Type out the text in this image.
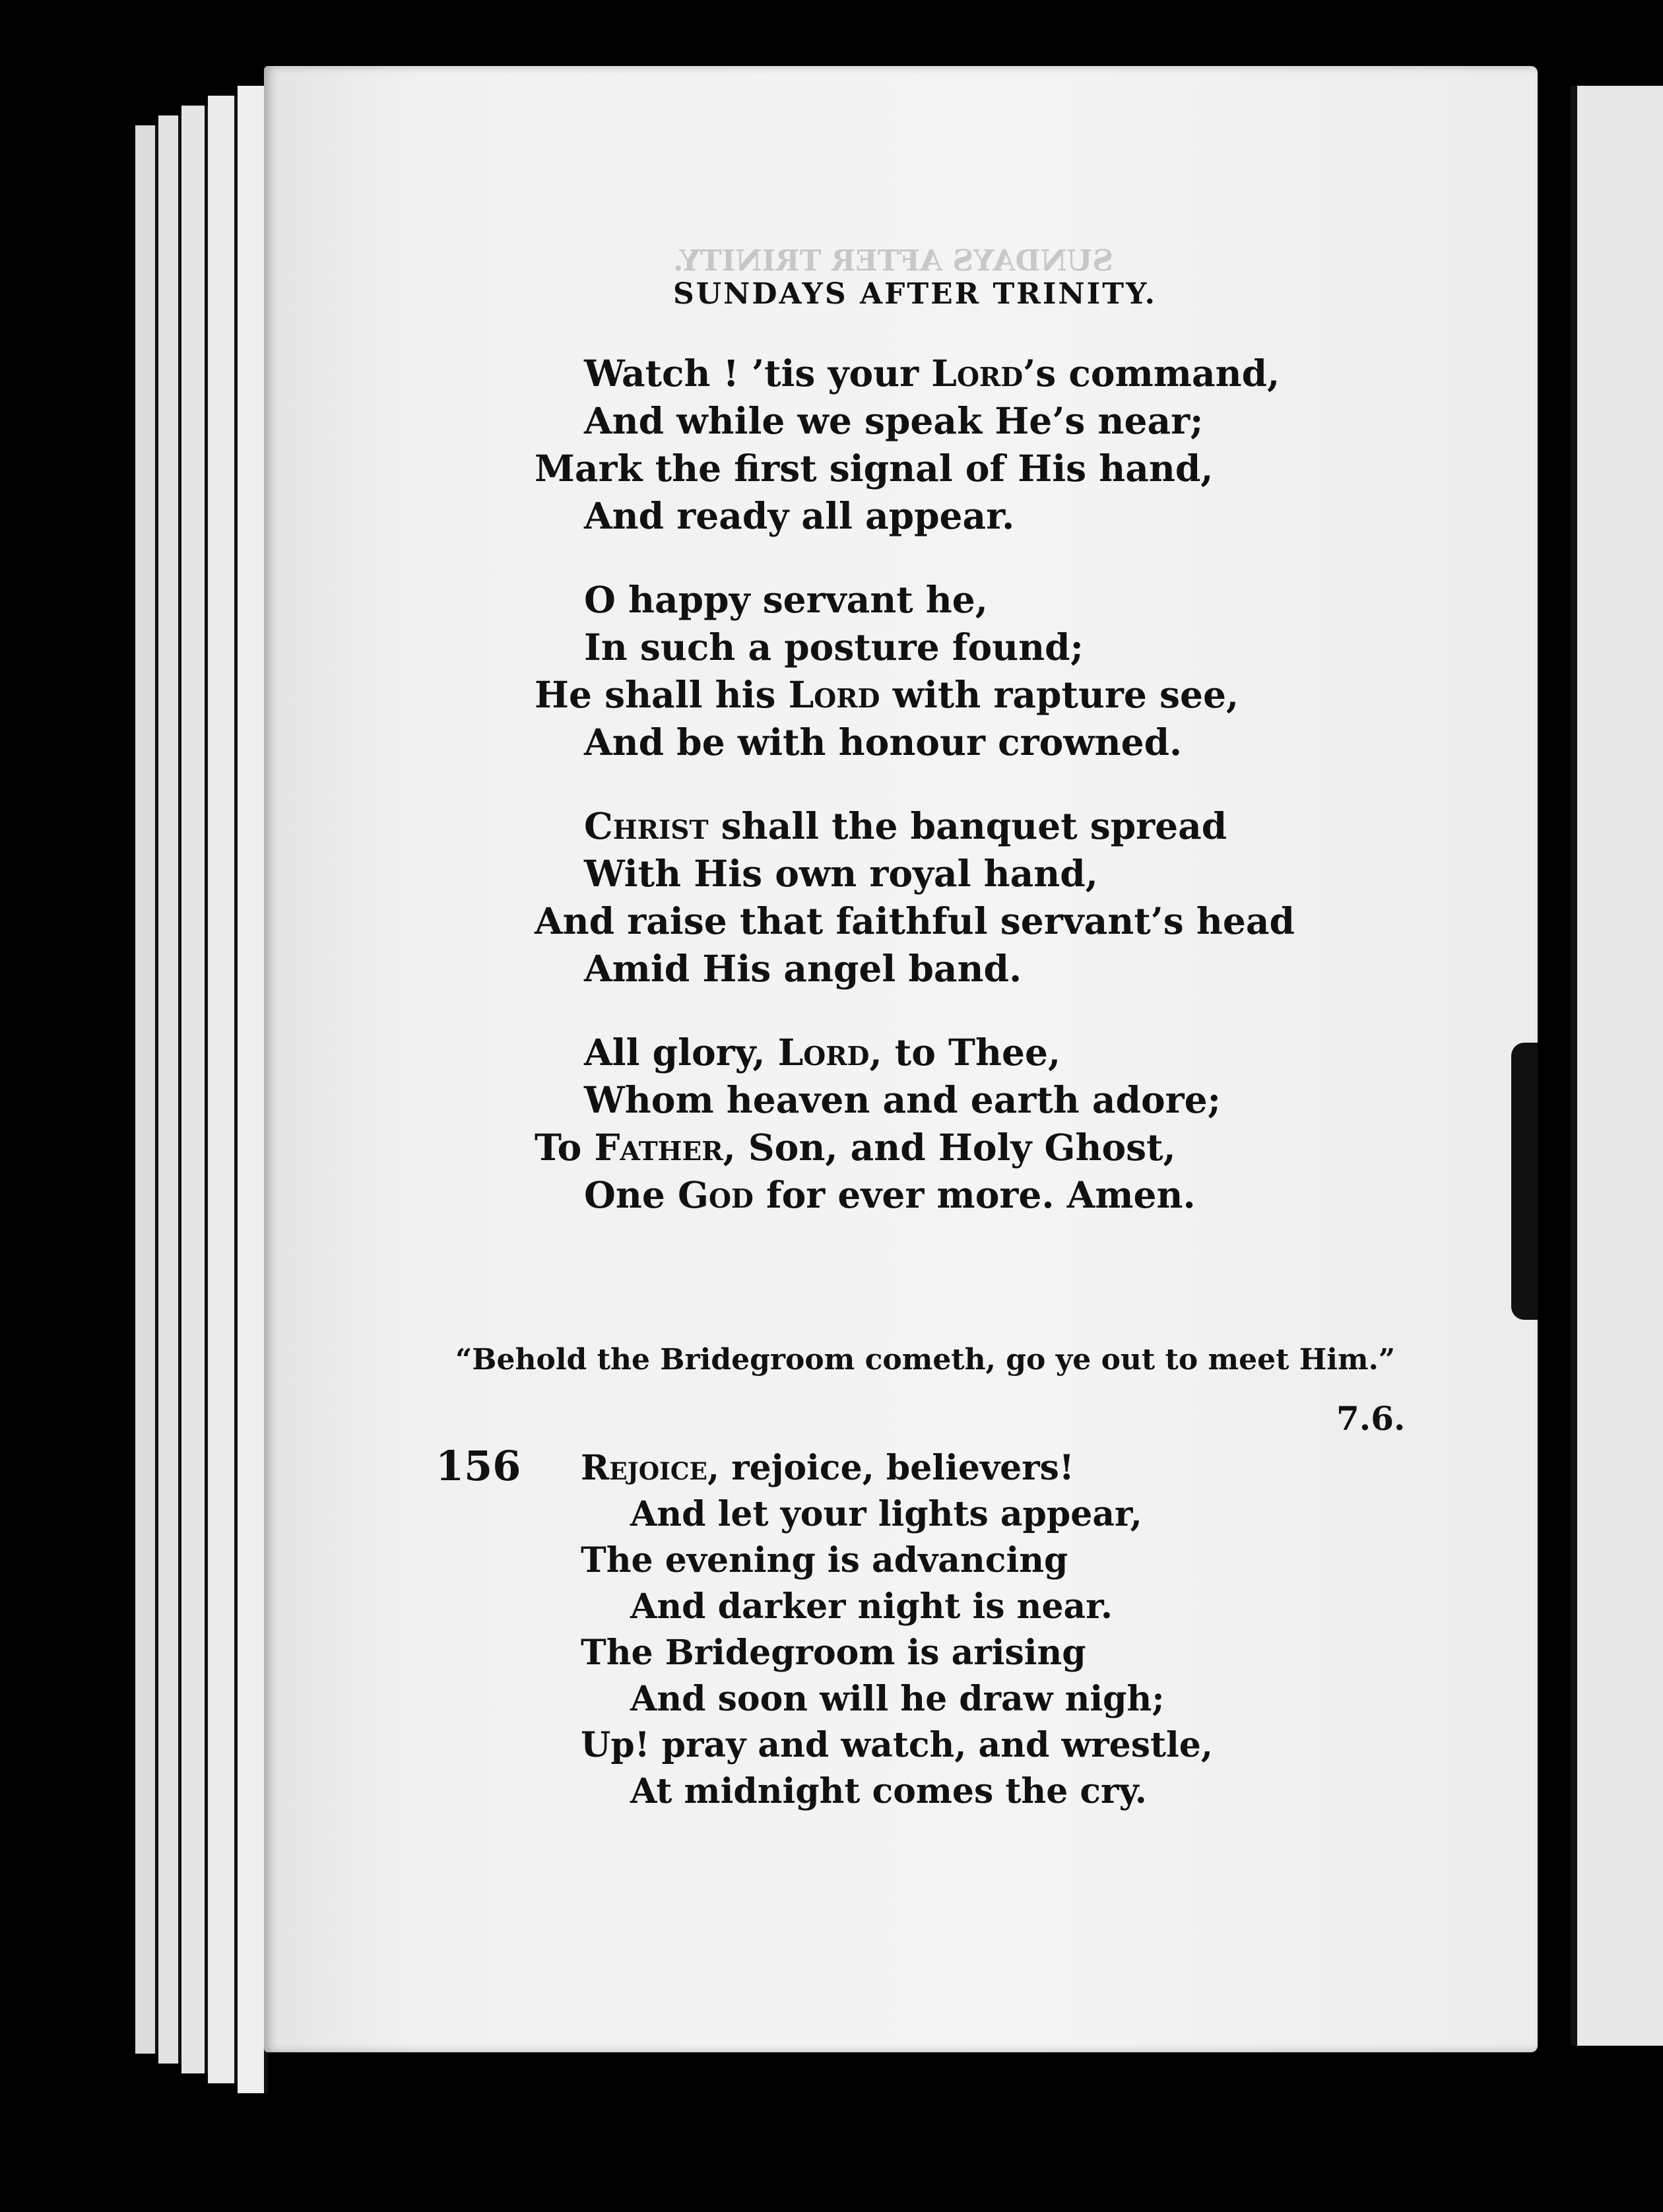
SUNDAYS AFTER TRINITY.
SUNDAYS AFTER TRINITY.
Watch ! ’tis your Lord’s command,
And while we speak He’s near;
Mark the first signal of His hand,
And ready all appear.
O happy servant he,
In such a posture found;
He shall his Lord with rapture see,
And be with honour crowned.
Christ shall the banquet spread
With His own royal hand,
And raise that faithful servant’s head
Amid His angel band.
All glory, Lord, to Thee,
Whom heaven and earth adore;
To Father, Son, and Holy Ghost,
One God for ever more. Amen.
“Behold the Bridegroom cometh, go ye out to meet Him.”
7.6.
156 Rejoice, rejoice, believers!
And let your lights appear,
The evening is advancing
And darker night is near.
The Bridegroom is arising
And soon will he draw nigh;
Up! pray and watch, and wrestle,
At midnight comes the cry.
